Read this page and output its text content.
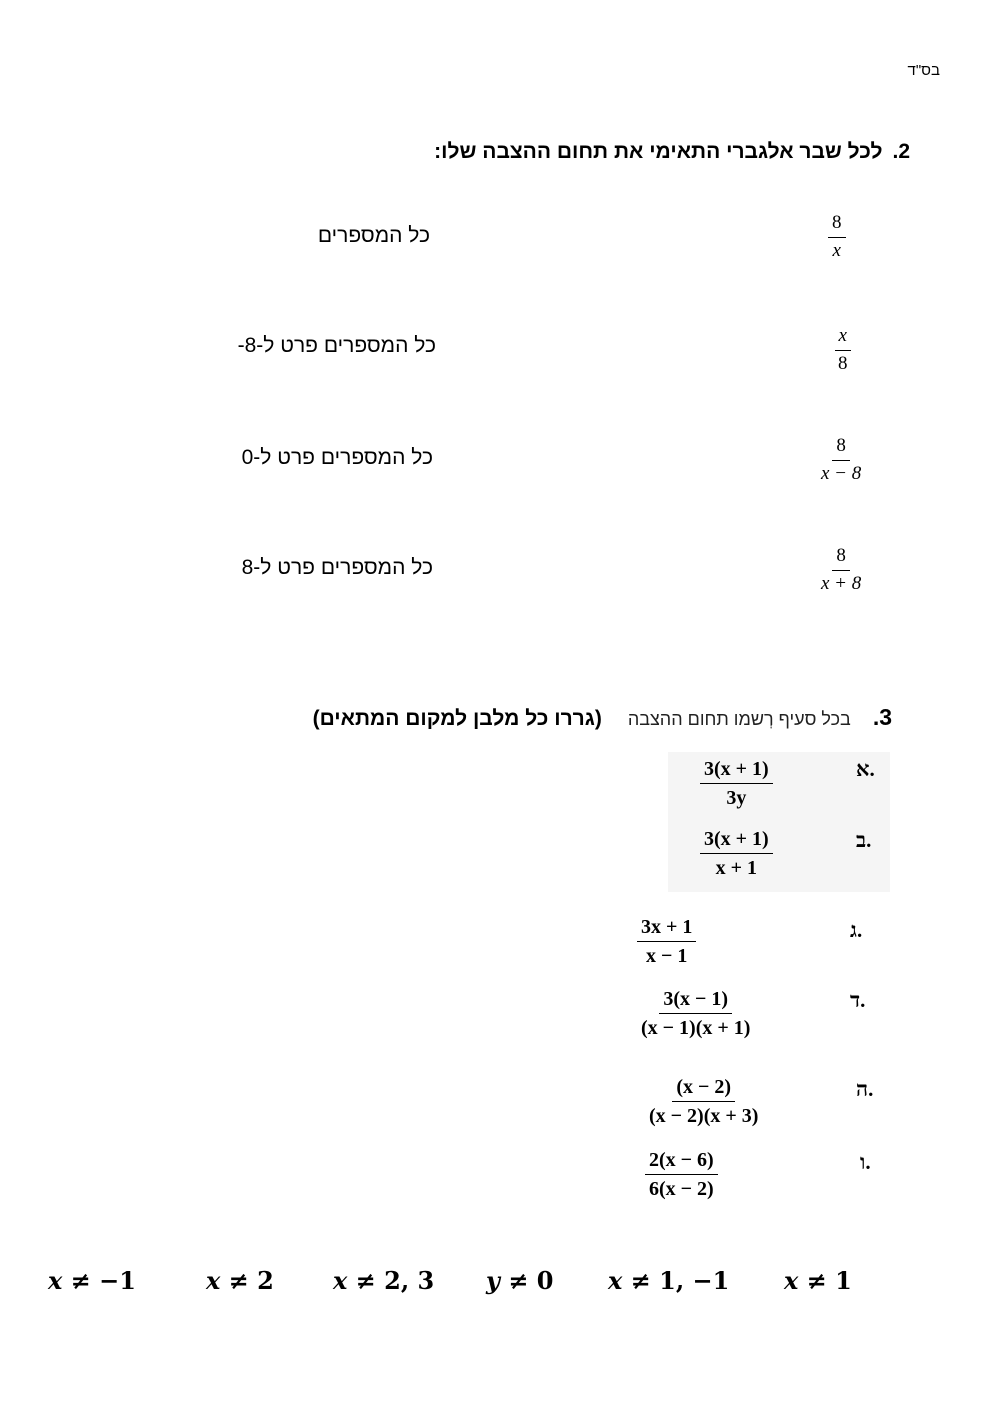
בס"ד
2.לכל שבר אלגברי התאימי את תחום ההצבה שלו:
$\frac{8}{x}$
$\frac{x}{8}$
$\frac{8}{x - 8}$
$\frac{8}{x + 8}$
כל המספרים
כל המספרים פרט ל-8-
כל המספרים פרט ל-0
כל המספרים פרט ל-8
3.
בכל סעיף רְשמו תחום ההצבה
(גררו כל מלבן למקום המתאים)
א.
$\frac{3(x + 1)}{3y}$
ב.
$\frac{3(x + 1)}{x + 1}$
ג.
$\frac{3x + 1}{x - 1}$
ד.
$\frac{3(x - 1)}{(x - 1)(x + 1)}$
ה.
$\frac{(x - 2)}{(x - 2)(x + 3)}$
ו.
$\frac{2(x - 6)}{6(x - 2)}$
x ≠ −1	x ≠ 2 x ≠ 2, 3 y ≠ 0 x ≠ 1, −1 x ≠ 1
